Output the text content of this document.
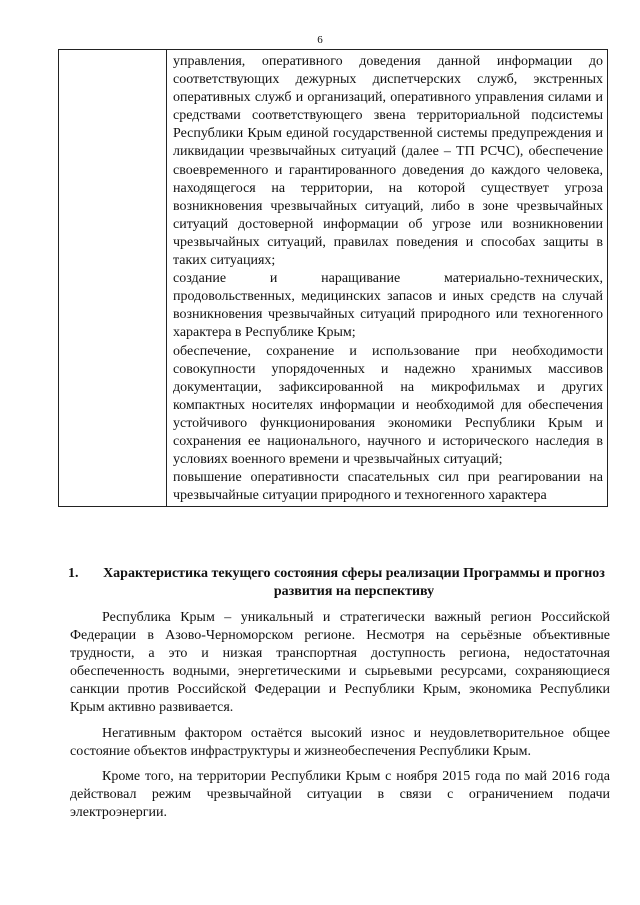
6

управления, оперативного доведения данной информации до соответствующих дежурных диспетчерских служб, экстренных оперативных служб и организаций, оперативного управления силами и средствами соответствующего звена территориальной подсистемы Республики Крым единой государственной системы предупреждения и ликвидации чрезвычайных ситуаций (далее – ТП РСЧС), обеспечение своевременного и гарантированного доведения до каждого человека, находящегося на территории, на которой существует угроза возникновения чрезвычайных ситуаций, либо в зоне чрезвычайных ситуаций достоверной информации об угрозе или возникновении чрезвычайных ситуаций, правилах поведения и способах защиты в таких ситуациях;

создание и наращивание материально-технических, продовольственных, медицинских запасов и иных средств на случай возникновения чрезвычайных ситуаций природного или техногенного характера в Республике Крым;

обеспечение, сохранение и использование при необходимости совокупности упорядоченных и надежно хранимых массивов документации, зафиксированной на микрофильмах и других компактных носителях информации и необходимой для обеспечения устойчивого функционирования экономики Республики Крым и сохранения ее национального, научного и исторического наследия в условиях военного времени и чрезвычайных ситуаций;

повышение оперативности спасательных сил при реагировании на чрезвычайные ситуации природного и техногенного характера

1.	Характеристика текущего состояния сферы реализации Программы и прогноз развития на перспективу

Республика Крым – уникальный и стратегически важный регион Российской Федерации в Азово-Черноморском регионе. Несмотря на серьёзные объективные трудности, а это и низкая транспортная доступность региона, недостаточная обеспеченность водными, энергетическими и сырьевыми ресурсами, сохраняющиеся санкции против Российской Федерации и Республики Крым, экономика Республики Крым активно развивается.

Негативным фактором остаётся высокий износ и неудовлетворительное общее состояние объектов инфраструктуры и жизнеобеспечения Республики Крым.

Кроме того, на территории Республики Крым с ноября 2015 года по май 2016 года действовал режим чрезвычайной ситуации в связи с ограничением подачи электроэнергии.
